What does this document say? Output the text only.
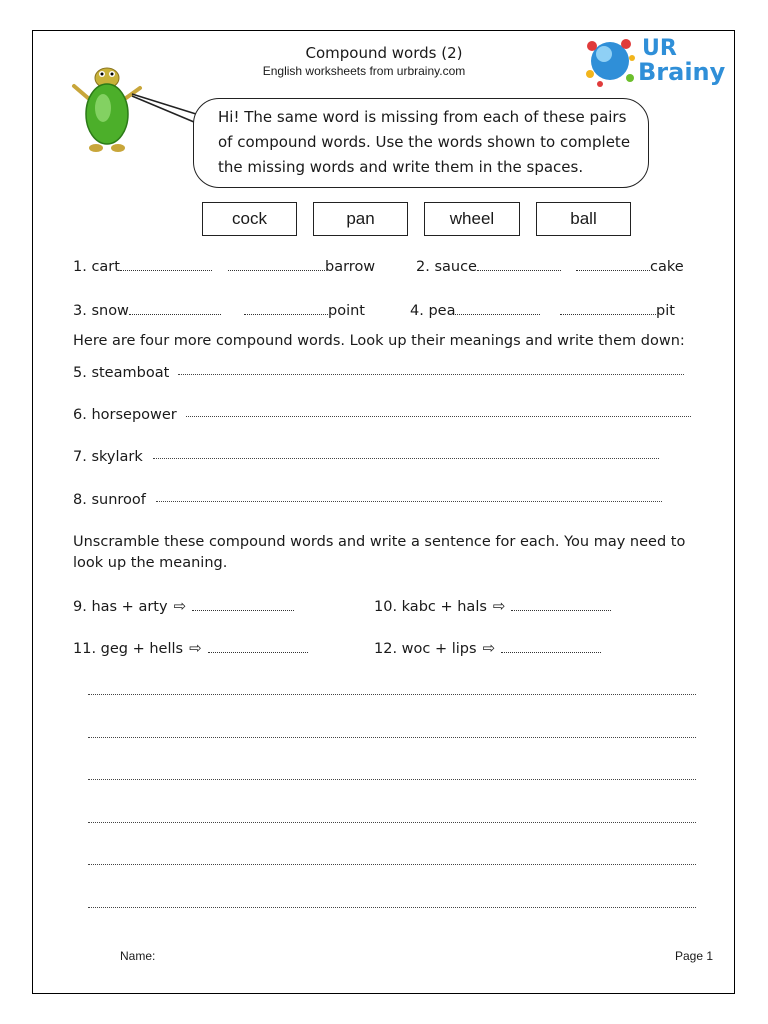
Compound words (2)
English worksheets from urbrainy.com
UR
Brainy
Hi! The same word is missing from each of these pairs of compound words. Use the words shown to complete the missing words and write them in the spaces.
cock	pan	wheel	ball
1. cart	barrow	2. sauce	cake
3. snow	point	4. pea	pit
Here are four more compound words. Look up their meanings and write them down:
5. steamboat
6. horsepower
7. skylark
8. sunroof
Unscramble these compound words and write a sentence for each. You may need to
look up the meaning.
9. has + arty ⇨	10. kabc + hals ⇨
11. geg + hells ⇨	12. woc + lips ⇨
Name:	Page 1
